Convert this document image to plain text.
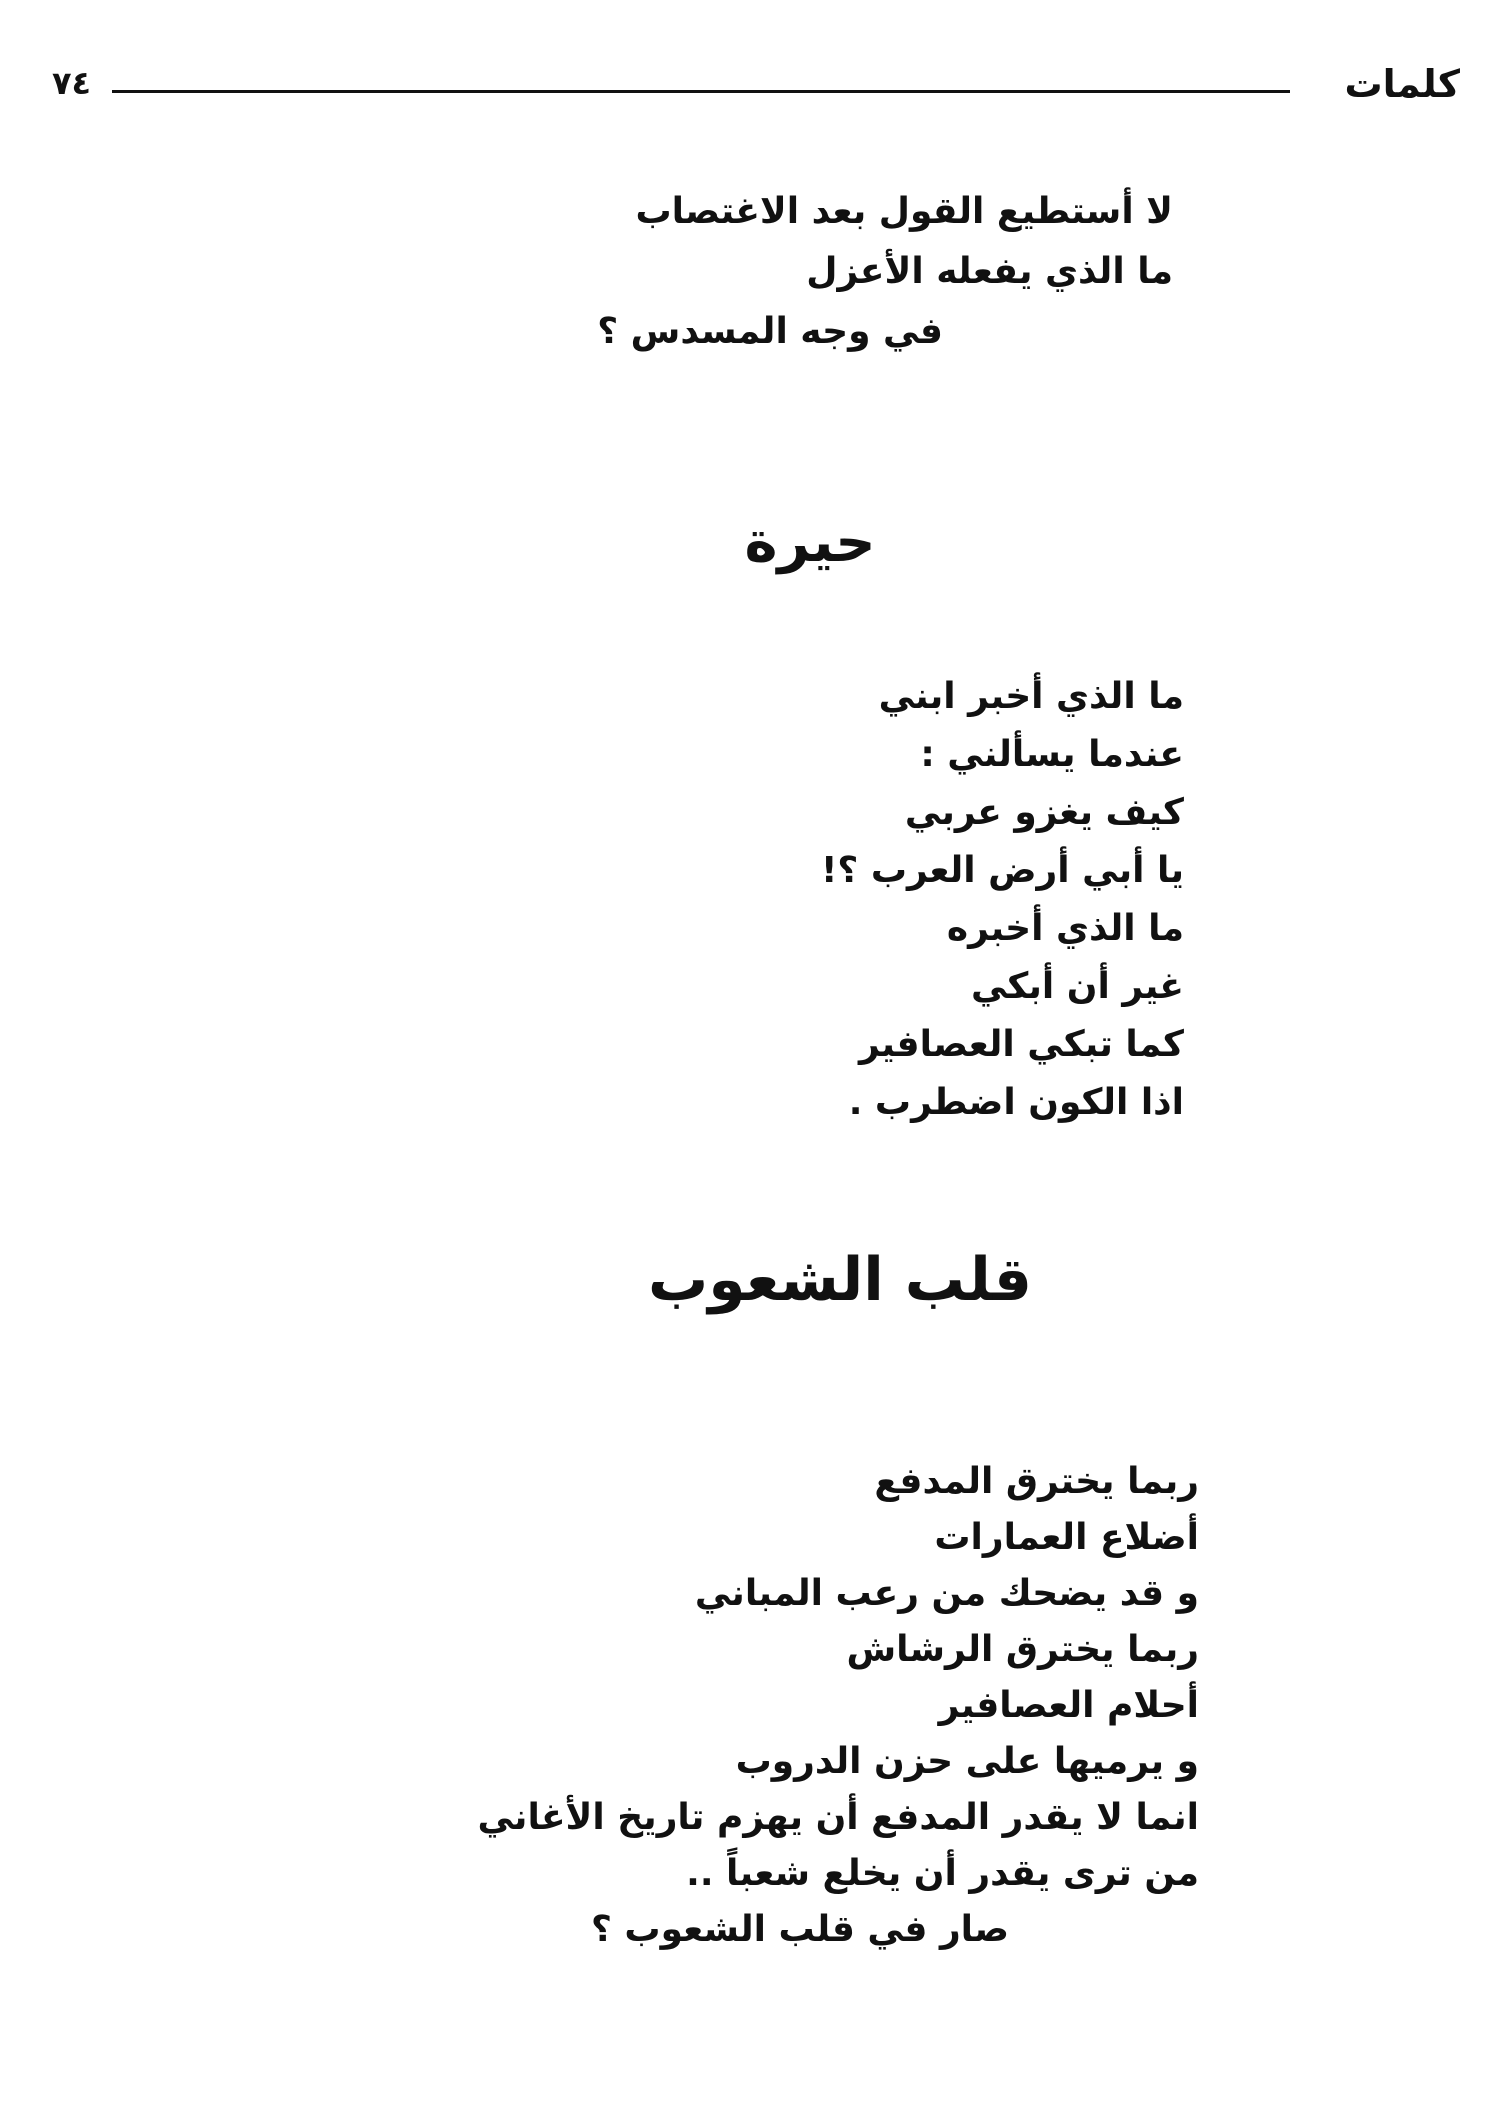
٧٤	كلمات
لا أستطيع القول بعد الاغتصاب
ما الذي يفعله الأعزل
في وجه المسدس ؟
حيرة
ما الذي أخبر ابني
عندما يسألني :
كيف يغزو عربي
يا أبي أرض العرب ؟!
ما الذي أخبره
غير أن أبكي
كما تبكي العصافير
اذا الكون اضطرب .
قلب الشعوب
ربما يخترق المدفع
أضلاع العمارات
و قد يضحك من رعب المباني
ربما يخترق الرشاش
أحلام العصافير
و يرميها على حزن الدروب
انما لا يقدر المدفع أن يهزم تاريخ الأغاني
من ترى يقدر أن يخلع شعباً ..
صار في قلب الشعوب ؟
